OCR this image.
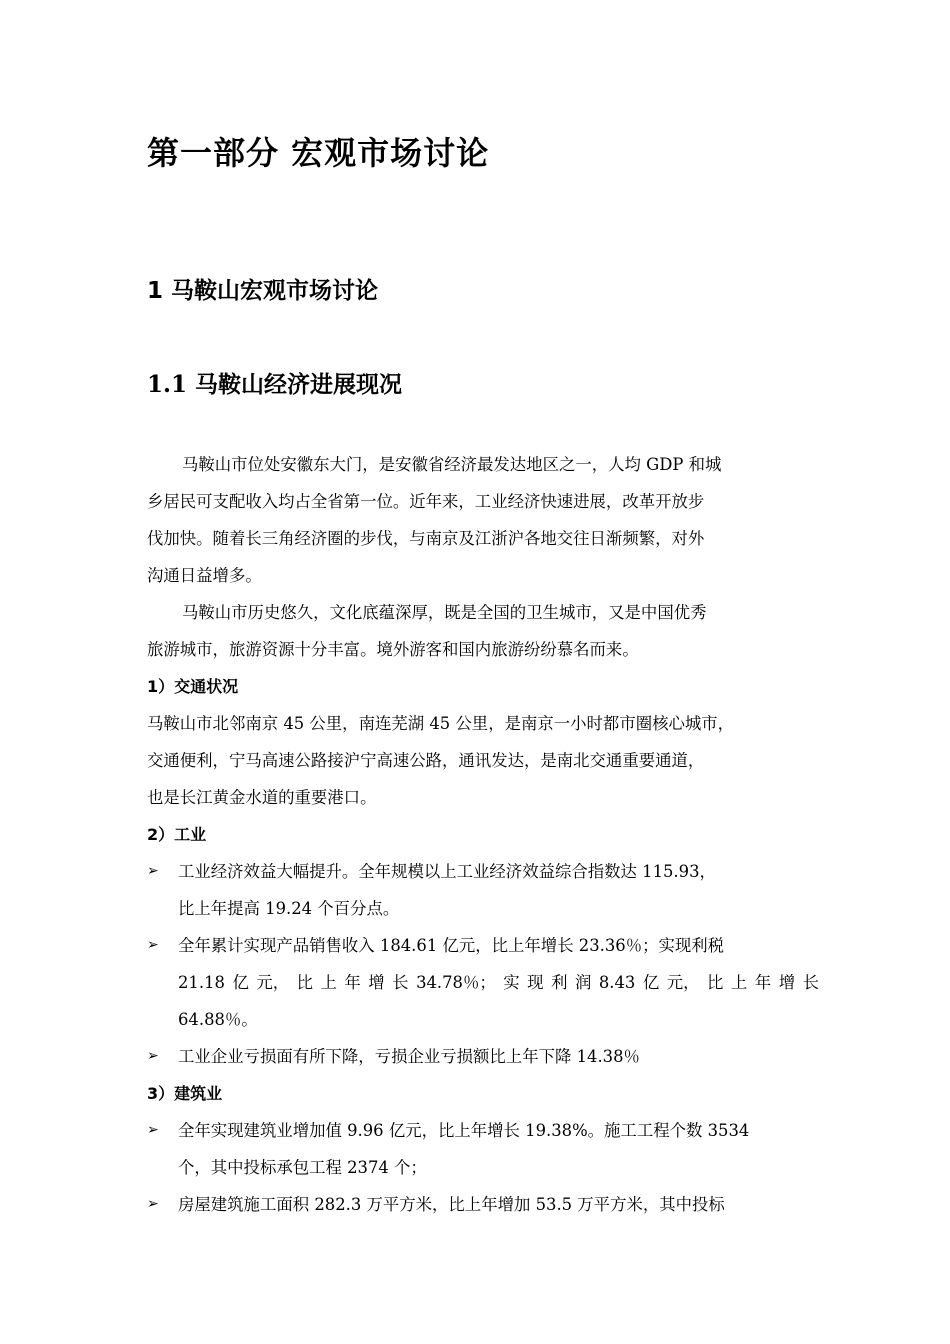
第一部分 宏观市场讨论
1 马鞍山宏观市场讨论
1.1 马鞍山经济进展现况
马鞍山市位处安徽东大门，是安徽省经济最发达地区之一，人均 GDP 和城
乡居民可支配收入均占全省第一位。近年来，工业经济快速进展，改革开放步
伐加快。随着长三角经济圈的步伐，与南京及江浙沪各地交往日渐频繁，对外
沟通日益增多。
马鞍山市历史悠久，文化底蕴深厚，既是全国的卫生城市，又是中国优秀
旅游城市，旅游资源十分丰富。境外游客和国内旅游纷纷慕名而来。
1）交通状况
马鞍山市北邻南京 45 公里，南连芜湖 45 公里，是南京一小时都市圈核心城市，
交通便利，宁马高速公路接沪宁高速公路，通讯发达，是南北交通重要通道，
也是长江黄金水道的重要港口。
2）工业
➢	工业经济效益大幅提升。全年规模以上工业经济效益综合指数达 115.93，
比上年提高 19.24 个百分点。
➢	全年累计实现产品销售收入 184.61 亿元，比上年增长 23.36％；实现利税
21.18 亿 元， 比 上 年 增 长 34.78％； 实 现 利 润 8.43 亿 元， 比 上 年 增 长
64.88％。
➢	工业企业亏损面有所下降，亏损企业亏损额比上年下降 14.38％
3）建筑业
➢	全年实现建筑业增加值 9.96 亿元，比上年增长 19.38%。施工工程个数 3534
个，其中投标承包工程 2374 个；
➢	房屋建筑施工面积 282.3 万平方米，比上年增加 53.5 万平方米，其中投标
